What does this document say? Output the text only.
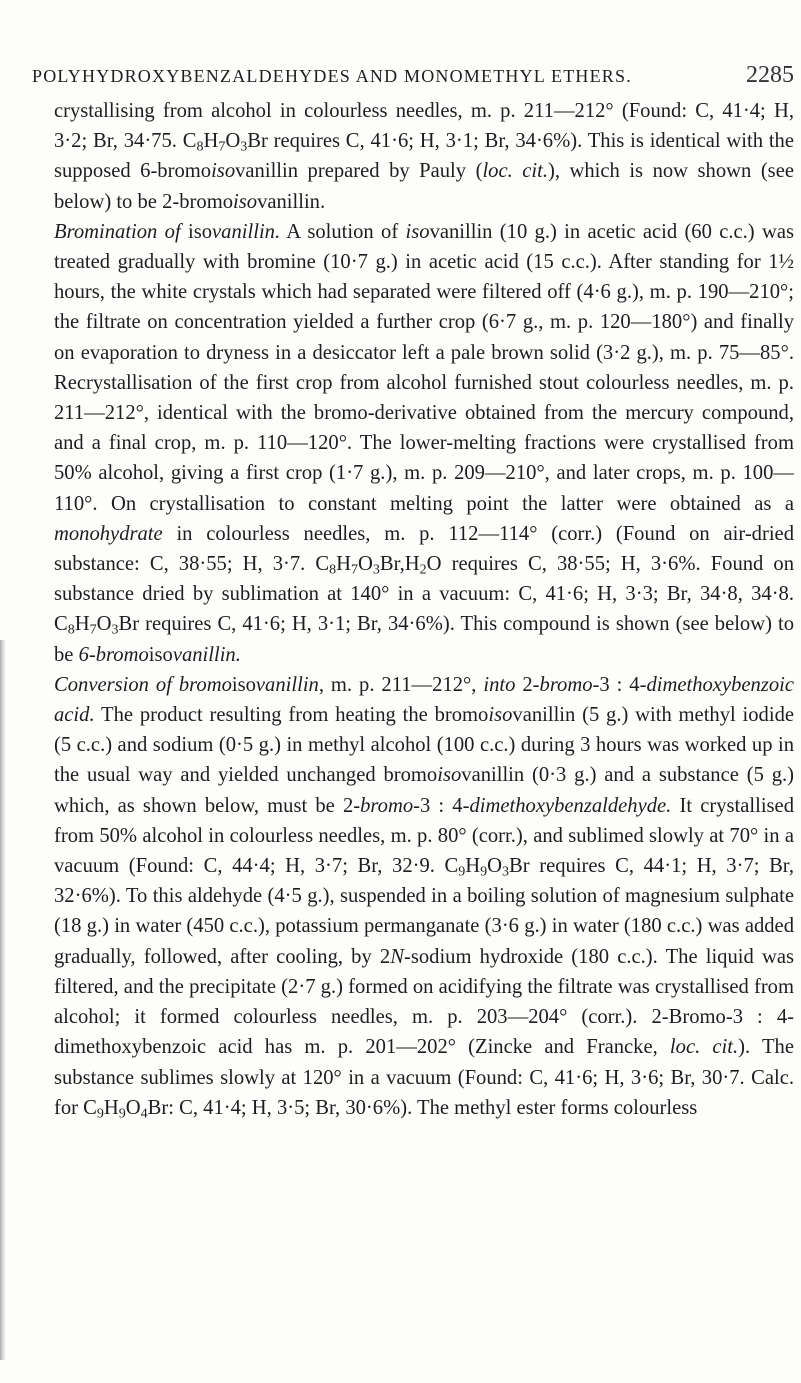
POLYHYDROXYBENZALDEHYDES AND MONOMETHYL ETHERS.	2285

crystallising from alcohol in colourless needles, m. p. 211—212° (Found: C, 41·4; H, 3·2; Br, 34·75. $C_8H_7O_3Br$ requires C, 41·6; H, 3·1; Br, 34·6%). This is identical with the supposed 6-bromoisovanillin prepared by Pauly (loc. cit.), which is now shown (see below) to be 2-bromoisovanillin.

Bromination of isovanillin. A solution of isovanillin (10 g.) in acetic acid (60 c.c.) was treated gradually with bromine (10·7 g.) in acetic acid (15 c.c.). After standing for 1½ hours, the white crystals which had separated were filtered off (4·6 g.), m. p. 190—210°; the filtrate on concentration yielded a further crop (6·7 g., m. p. 120—180°) and finally on evaporation to dryness in a desiccator left a pale brown solid (3·2 g.), m. p. 75—85°. Recrystallisation of the first crop from alcohol furnished stout colourless needles, m. p. 211—212°, identical with the bromo-derivative obtained from the mercury compound, and a final crop, m. p. 110—120°. The lower-melting fractions were crystallised from 50% alcohol, giving a first crop (1·7 g.), m. p. 209—210°, and later crops, m. p. 100—110°. On crystallisation to constant melting point the latter were obtained as a monohydrate in colourless needles, m. p. 112—114° (corr.) (Found on air-dried substance: C, 38·55; H, 3·7. $C_8H_7O_3Br,H_2O$ requires C, 38·55; H, 3·6%. Found on substance dried by sublimation at 140° in a vacuum: C, 41·6; H, 3·3; Br, 34·8, 34·8. $C_8H_7O_3Br$ requires C, 41·6; H, 3·1; Br, 34·6%). This compound is shown (see below) to be 6-bromoisovanillin.

Conversion of bromoisovanillin, m. p. 211—212°, into 2-bromo-3 : 4-dimethoxybenzoic acid. The product resulting from heating the bromoisovanillin (5 g.) with methyl iodide (5 c.c.) and sodium (0·5 g.) in methyl alcohol (100 c.c.) during 3 hours was worked up in the usual way and yielded unchanged bromoisovanillin (0·3 g.) and a substance (5 g.) which, as shown below, must be 2-bromo-3 : 4-dimethoxybenzaldehyde. It crystallised from 50% alcohol in colourless needles, m. p. 80° (corr.), and sublimed slowly at 70° in a vacuum (Found: C, 44·4; H, 3·7; Br, 32·9. $C_9H_9O_3Br$ requires C, 44·1; H, 3·7; Br, 32·6%). To this aldehyde (4·5 g.), suspended in a boiling solution of magnesium sulphate (18 g.) in water (450 c.c.), potassium permanganate (3·6 g.) in water (180 c.c.) was added gradually, followed, after cooling, by 2N-sodium hydroxide (180 c.c.). The liquid was filtered, and the precipitate (2·7 g.) formed on acidifying the filtrate was crystallised from alcohol; it formed colourless needles, m. p. 203—204° (corr.). 2-Bromo-3 : 4-dimethoxybenzoic acid has m. p. 201—202° (Zincke and Francke, loc. cit.). The substance sublimes slowly at 120° in a vacuum (Found: C, 41·6; H, 3·6; Br, 30·7. Calc. for $C_9H_9O_4Br$: C, 41·4; H, 3·5; Br, 30·6%). The methyl ester forms colourless
